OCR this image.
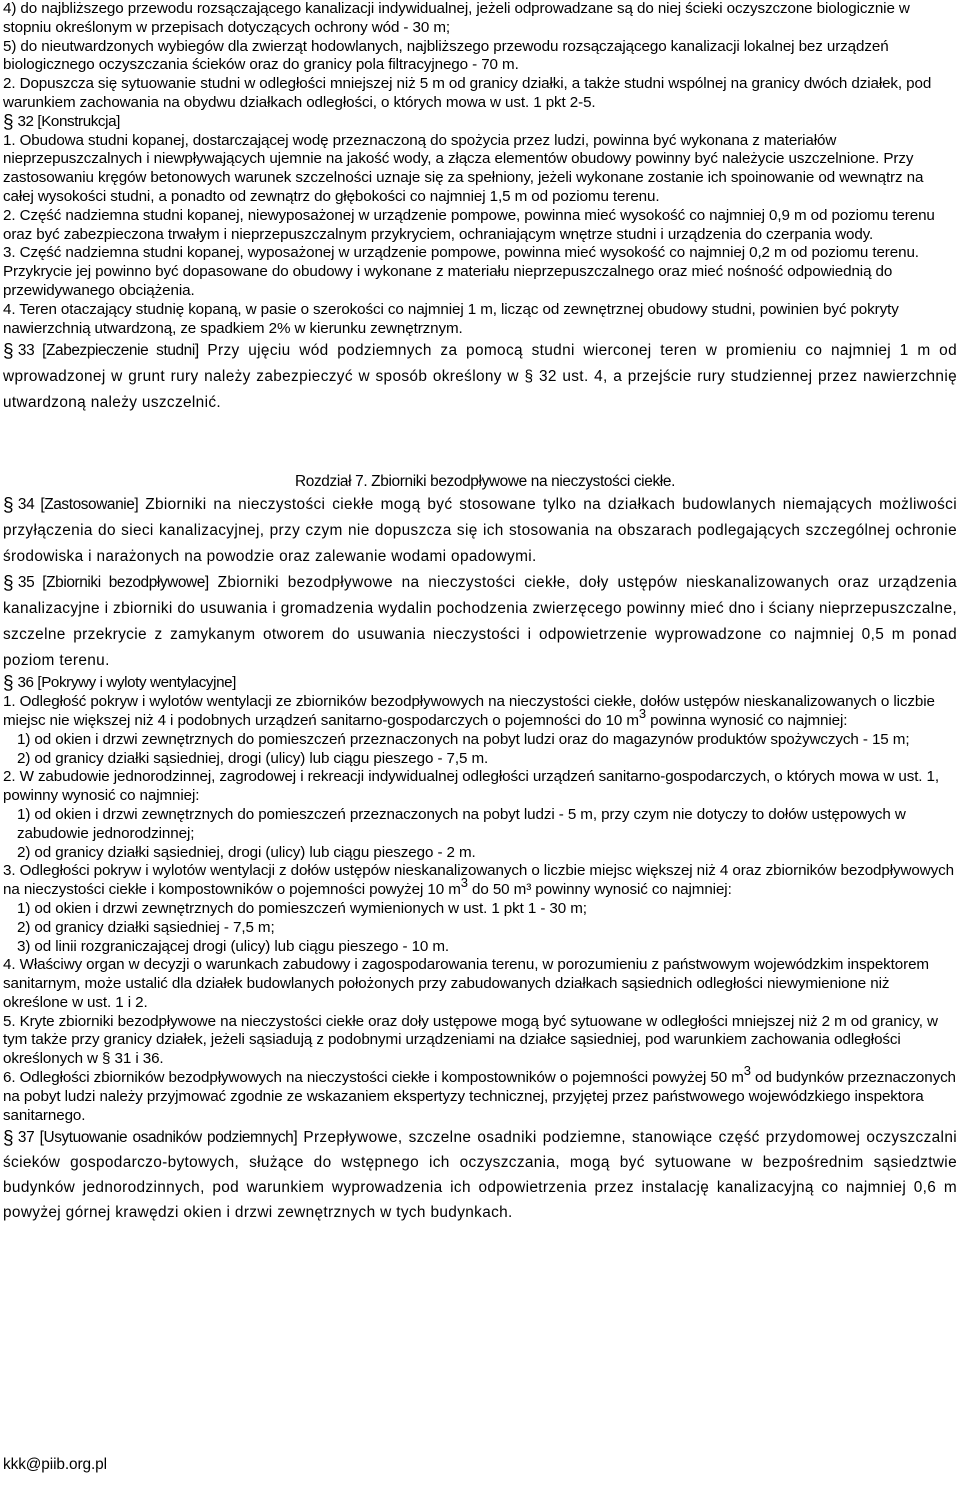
4) do najbliższego przewodu rozsączającego kanalizacji indywidualnej, jeżeli odprowadzane są do niej ścieki oczyszczone biologicznie w stopniu określonym w przepisach dotyczących ochrony wód - 30 m;

5) do nieutwardzonych wybiegów dla zwierząt hodowlanych, najbliższego przewodu rozsączającego kanalizacji lokalnej bez urządzeń biologicznego oczyszczania ścieków oraz do granicy pola filtracyjnego - 70 m.

2. Dopuszcza się sytuowanie studni w odległości mniejszej niż 5 m od granicy działki, a także studni wspólnej na granicy dwóch działek, pod warunkiem zachowania na obydwu działkach odległości, o których mowa w ust. 1 pkt 2-5.

§ 32 [Konstrukcja]

1. Obudowa studni kopanej, dostarczającej wodę przeznaczoną do spożycia przez ludzi, powinna być wykonana z materiałów nieprzepuszczalnych i niewpływających ujemnie na jakość wody, a złącza elementów obudowy powinny być należycie uszczelnione. Przy zastosowaniu kręgów betonowych warunek szczelności uznaje się za spełniony, jeżeli wykonane zostanie ich spoinowanie od wewnątrz na całej wysokości studni, a ponadto od zewnątrz do głębokości co najmniej 1,5 m od poziomu terenu.

2. Część nadziemna studni kopanej, niewyposażonej w urządzenie pompowe, powinna mieć wysokość co najmniej 0,9 m od poziomu terenu oraz być zabezpieczona trwałym i nieprzepuszczalnym przykryciem, ochraniającym wnętrze studni i urządzenia do czerpania wody.

3. Część nadziemna studni kopanej, wyposażonej w urządzenie pompowe, powinna mieć wysokość co najmniej 0,2 m od poziomu terenu. Przykrycie jej powinno być dopasowane do obudowy i wykonane z materiału nieprzepuszczalnego oraz mieć nośność odpowiednią do przewidywanego obciążenia.

4. Teren otaczający studnię kopaną, w pasie o szerokości co najmniej 1 m, licząc od zewnętrznej obudowy studni, powinien być pokryty nawierzchnią utwardzoną, ze spadkiem 2% w kierunku zewnętrznym.

§ 33 [Zabezpieczenie studni] Przy ujęciu wód podziemnych za pomocą studni wierconej teren w promieniu co najmniej 1 m od wprowadzonej w grunt rury należy zabezpieczyć w sposób określony w § 32 ust. 4, a przejście rury studziennej przez nawierzchnię utwardzoną należy uszczelnić.

Rozdział 7. Zbiorniki bezodpływowe na nieczystości ciekłe.

§ 34 [Zastosowanie] Zbiorniki na nieczystości ciekłe mogą być stosowane tylko na działkach budowlanych niemających możliwości przyłączenia do sieci kanalizacyjnej, przy czym nie dopuszcza się ich stosowania na obszarach podlegających szczególnej ochronie środowiska i narażonych na powodzie oraz zalewanie wodami opadowymi.

§ 35 [Zbiorniki bezodpływowe] Zbiorniki bezodpływowe na nieczystości ciekłe, doły ustępów nieskanalizowanych oraz urządzenia kanalizacyjne i zbiorniki do usuwania i gromadzenia wydalin pochodzenia zwierzęcego powinny mieć dno i ściany nieprzepuszczalne, szczelne przekrycie z zamykanym otworem do usuwania nieczystości i odpowietrzenie wyprowadzone co najmniej 0,5 m ponad poziom terenu.

§ 36 [Pokrywy i wyloty wentylacyjne]

1. Odległość pokryw i wylotów wentylacji ze zbiorników bezodpływowych na nieczystości ciekłe, dołów ustępów nieskanalizowanych o liczbie miejsc nie większej niż 4 i podobnych urządzeń sanitarno-gospodarczych o pojemności do 10 $m^3$ powinna wynosić co najmniej:

1) od okien i drzwi zewnętrznych do pomieszczeń przeznaczonych na pobyt ludzi oraz do magazynów produktów spożywczych - 15 m;

2) od granicy działki sąsiedniej, drogi (ulicy) lub ciągu pieszego - 7,5 m.

2. W zabudowie jednorodzinnej, zagrodowej i rekreacji indywidualnej odległości urządzeń sanitarno-gospodarczych, o których mowa w ust. 1, powinny wynosić co najmniej:

1) od okien i drzwi zewnętrznych do pomieszczeń przeznaczonych na pobyt ludzi - 5 m, przy czym nie dotyczy to dołów ustępowych w zabudowie jednorodzinnej;

2) od granicy działki sąsiedniej, drogi (ulicy) lub ciągu pieszego - 2 m.

3. Odległości pokryw i wylotów wentylacji z dołów ustępów nieskanalizowanych o liczbie miejsc większej niż 4 oraz zbiorników bezodpływowych na nieczystości ciekłe i kompostowników o pojemności powyżej 10 $m^3$ do 50 m³ powinny wynosić co najmniej:

1) od okien i drzwi zewnętrznych do pomieszczeń wymienionych w ust. 1 pkt 1 - 30 m;

2) od granicy działki sąsiedniej - 7,5 m;

3) od linii rozgraniczającej drogi (ulicy) lub ciągu pieszego - 10 m.

4. Właściwy organ w decyzji o warunkach zabudowy i zagospodarowania terenu, w porozumieniu z państwowym wojewódzkim inspektorem sanitarnym, może ustalić dla działek budowlanych położonych przy zabudowanych działkach sąsiednich odległości niewymienione niż określone w ust. 1 i 2.

5. Kryte zbiorniki bezodpływowe na nieczystości ciekłe oraz doły ustępowe mogą być sytuowane w odległości mniejszej niż 2 m od granicy, w tym także przy granicy działek, jeżeli sąsiadują z podobnymi urządzeniami na działce sąsiedniej, pod warunkiem zachowania odległości określonych w § 31 i 36.

6. Odległości zbiorników bezodpływowych na nieczystości ciekłe i kompostowników o pojemności powyżej 50 $m^3$ od budynków przeznaczonych na pobyt ludzi należy przyjmować zgodnie ze wskazaniem ekspertyzy technicznej, przyjętej przez państwowego wojewódzkiego inspektora sanitarnego.

§ 37 [Usytuowanie osadników podziemnych] Przepływowe, szczelne osadniki podziemne, stanowiące część przydomowej oczyszczalni ścieków gospodarczo-bytowych, służące do wstępnego ich oczyszczania, mogą być sytuowane w bezpośrednim sąsiedztwie budynków jednorodzinnych, pod warunkiem wyprowadzenia ich odpowietrzenia przez instalację kanalizacyjną co najmniej 0,6 m powyżej górnej krawędzi okien i drzwi zewnętrznych w tych budynkach.

kkk@piib.org.pl
